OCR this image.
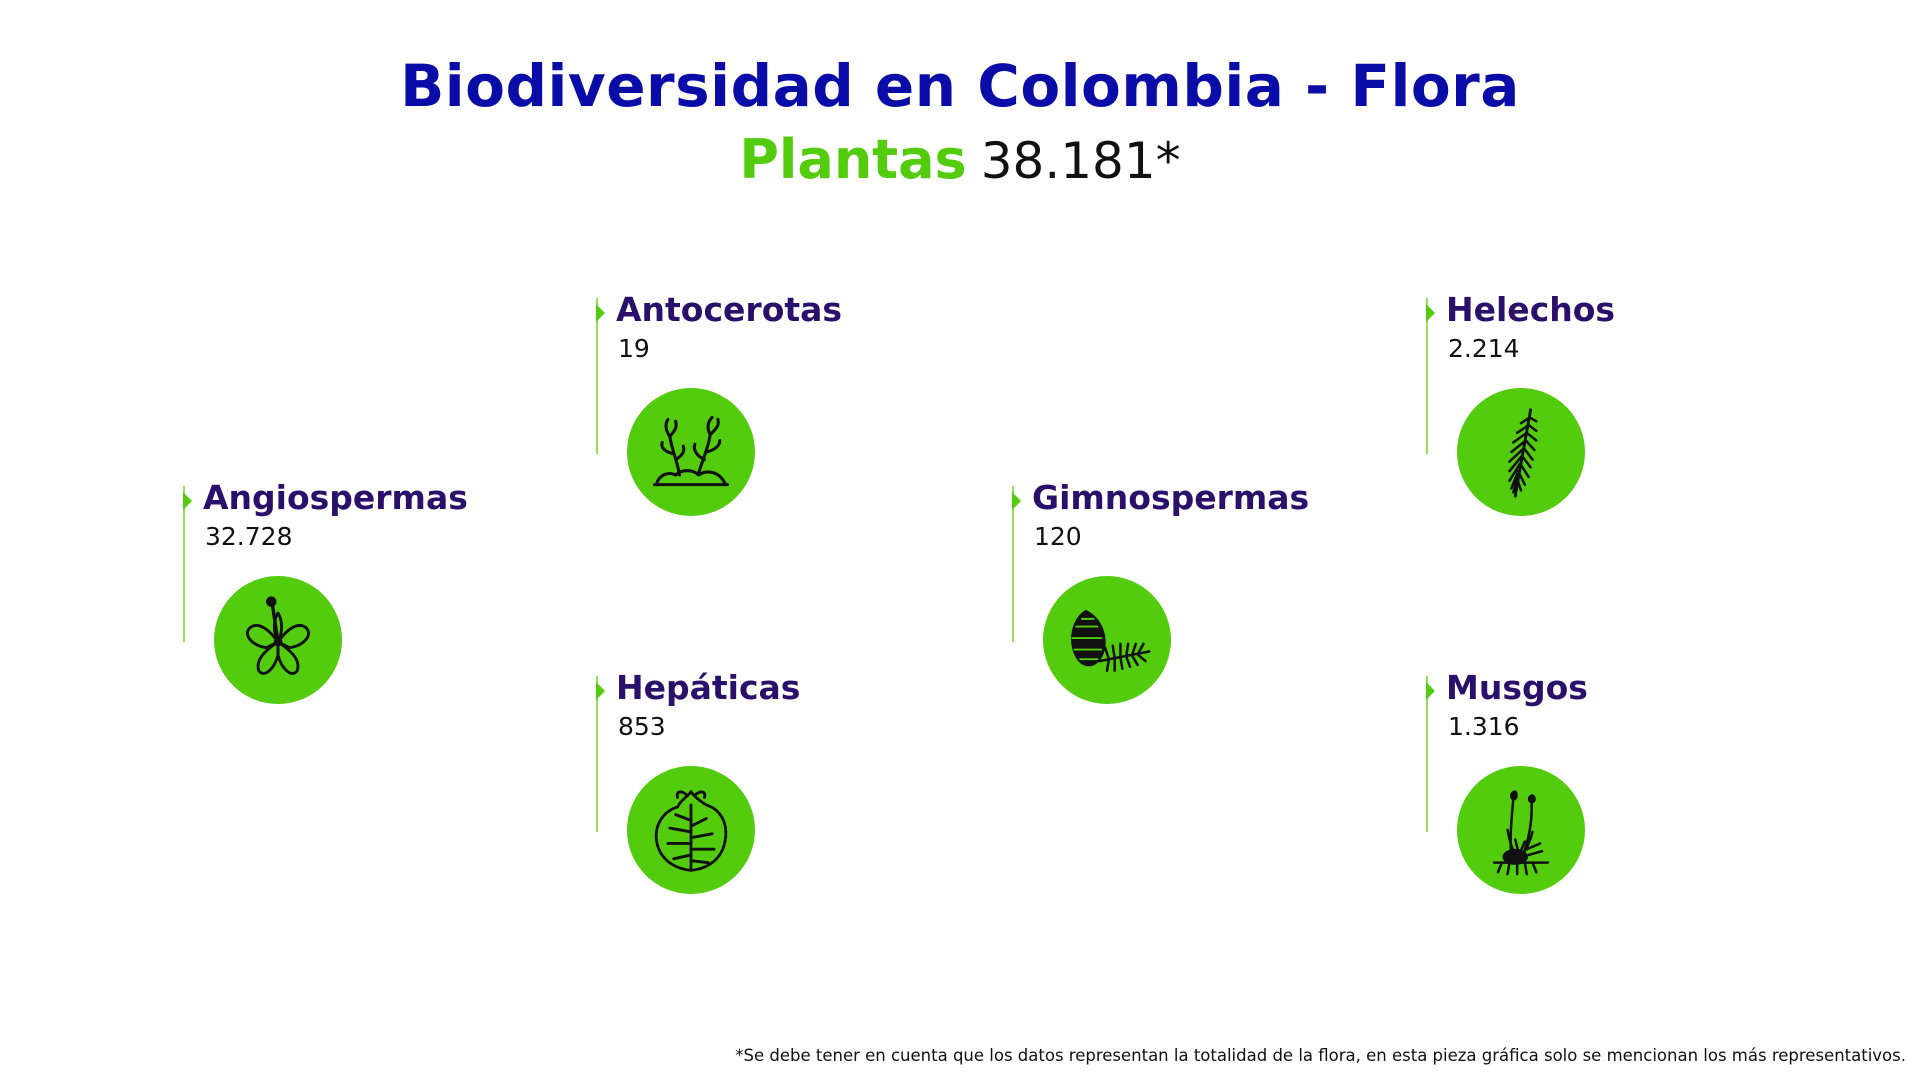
Biodiversidad en Colombia - Flora
Plantas 38.181*
Angiospermas
32.728
Antocerotas
19
Hepáticas
853
Gimnospermas
120
Helechos
2.214
Musgos
1.316
*Se debe tener en cuenta que los datos representan la totalidad de la flora, en esta pieza gráfica solo se mencionan los más representativos.
